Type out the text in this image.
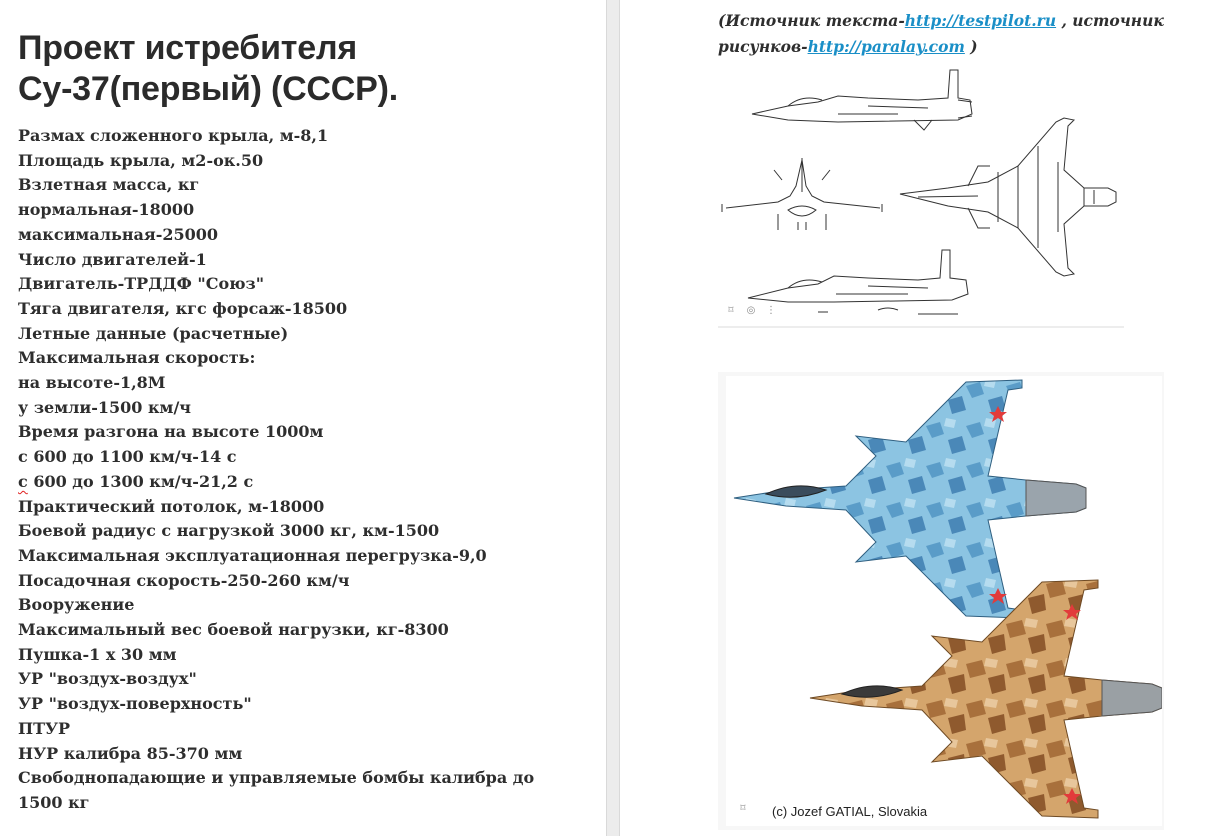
Проект истребителя Су-37(первый) (СССР).
Размах сложенного крыла, м-8,1
Площадь крыла, м2-ок.50
Взлетная масса, кг
нормальная-18000
максимальная-25000
Число двигателей-1
Двигатель-ТРДДФ "Союз"
Тяга двигателя, кгс форсаж-18500
Летные данные (расчетные)
Максимальная скорость:
на высоте-1,8М
у земли-1500 км/ч
Время разгона на высоте 1000м
с 600 до 1100 км/ч-14 с
с 600 до 1300 км/ч-21,2 с
Практический потолок, м-18000
Боевой радиус с нагрузкой 3000 кг, км-1500
Максимальная эксплуатационная перегрузка-9,0
Посадочная скорость-250-260 км/ч
Вооружение
Максимальный вес боевой нагрузки, кг-8300
Пушка-1 х 30 мм
УР "воздух-воздух"
УР "воздух-поверхность"
ПТУР
НУР калибра 85-370 мм
Свободнопадающие и управляемые бомбы калибра до 1500 кг

(Источник текста-http://testpilot.ru , источник рисунков-http://paralay.com )

⌑	◎ ⋮
⌑	(c) Jozef GATIAL, Slovakia
